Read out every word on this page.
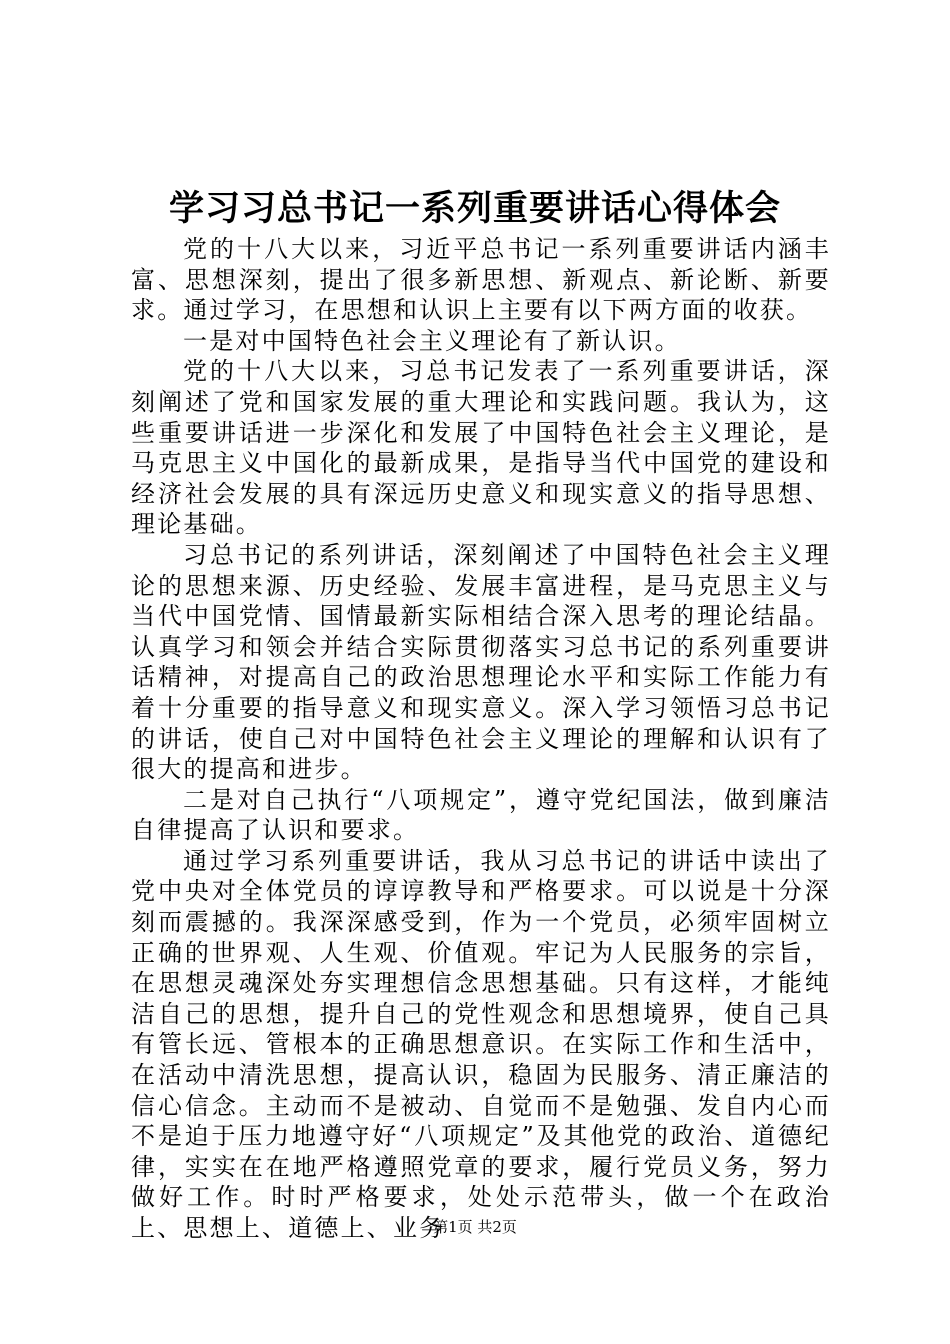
学习习总书记一系列重要讲话心得体会

党的十八大以来，习近平总书记一系列重要讲话内涵丰富、思想深刻，提出了很多新思想、新观点、新论断、新要求。通过学习，在思想和认识上主要有以下两方面的收获。

一是对中国特色社会主义理论有了新认识。

党的十八大以来，习总书记发表了一系列重要讲话，深刻阐述了党和国家发展的重大理论和实践问题。我认为，这些重要讲话进一步深化和发展了中国特色社会主义理论，是马克思主义中国化的最新成果，是指导当代中国党的建设和经济社会发展的具有深远历史意义和现实意义的指导思想、理论基础。

习总书记的系列讲话，深刻阐述了中国特色社会主义理论的思想来源、历史经验、发展丰富进程，是马克思主义与当代中国党情、国情最新实际相结合深入思考的理论结晶。认真学习和领会并结合实际贯彻落实习总书记的系列重要讲话精神，对提高自己的政治思想理论水平和实际工作能力有着十分重要的指导意义和现实意义。深入学习领悟习总书记的讲话，使自己对中国特色社会主义理论的理解和认识有了很大的提高和进步。

二是对自己执行“八项规定”，遵守党纪国法，做到廉洁自律提高了认识和要求。

通过学习系列重要讲话，我从习总书记的讲话中读出了党中央对全体党员的谆谆教导和严格要求。可以说是十分深刻而震撼的。我深深感受到，作为一个党员，必须牢固树立正确的世界观、人生观、价值观。牢记为人民服务的宗旨，在思想灵魂深处夯实理想信念思想基础。只有这样，才能纯洁自己的思想，提升自己的党性观念和思想境界，使自己具有管长远、管根本的正确思想意识。在实际工作和生活中，在活动中清洗思想，提高认识，稳固为民服务、清正廉洁的信心信念。主动而不是被动、自觉而不是勉强、发自内心而不是迫于压力地遵守好“八项规定”及其他党的政治、道德纪律，实实在在地严格遵照党章的要求，履行党员义务，努力做好工作。时时严格要求，处处示范带头，做一个在政治上、思想上、道德上、业务

第1页 共2页
